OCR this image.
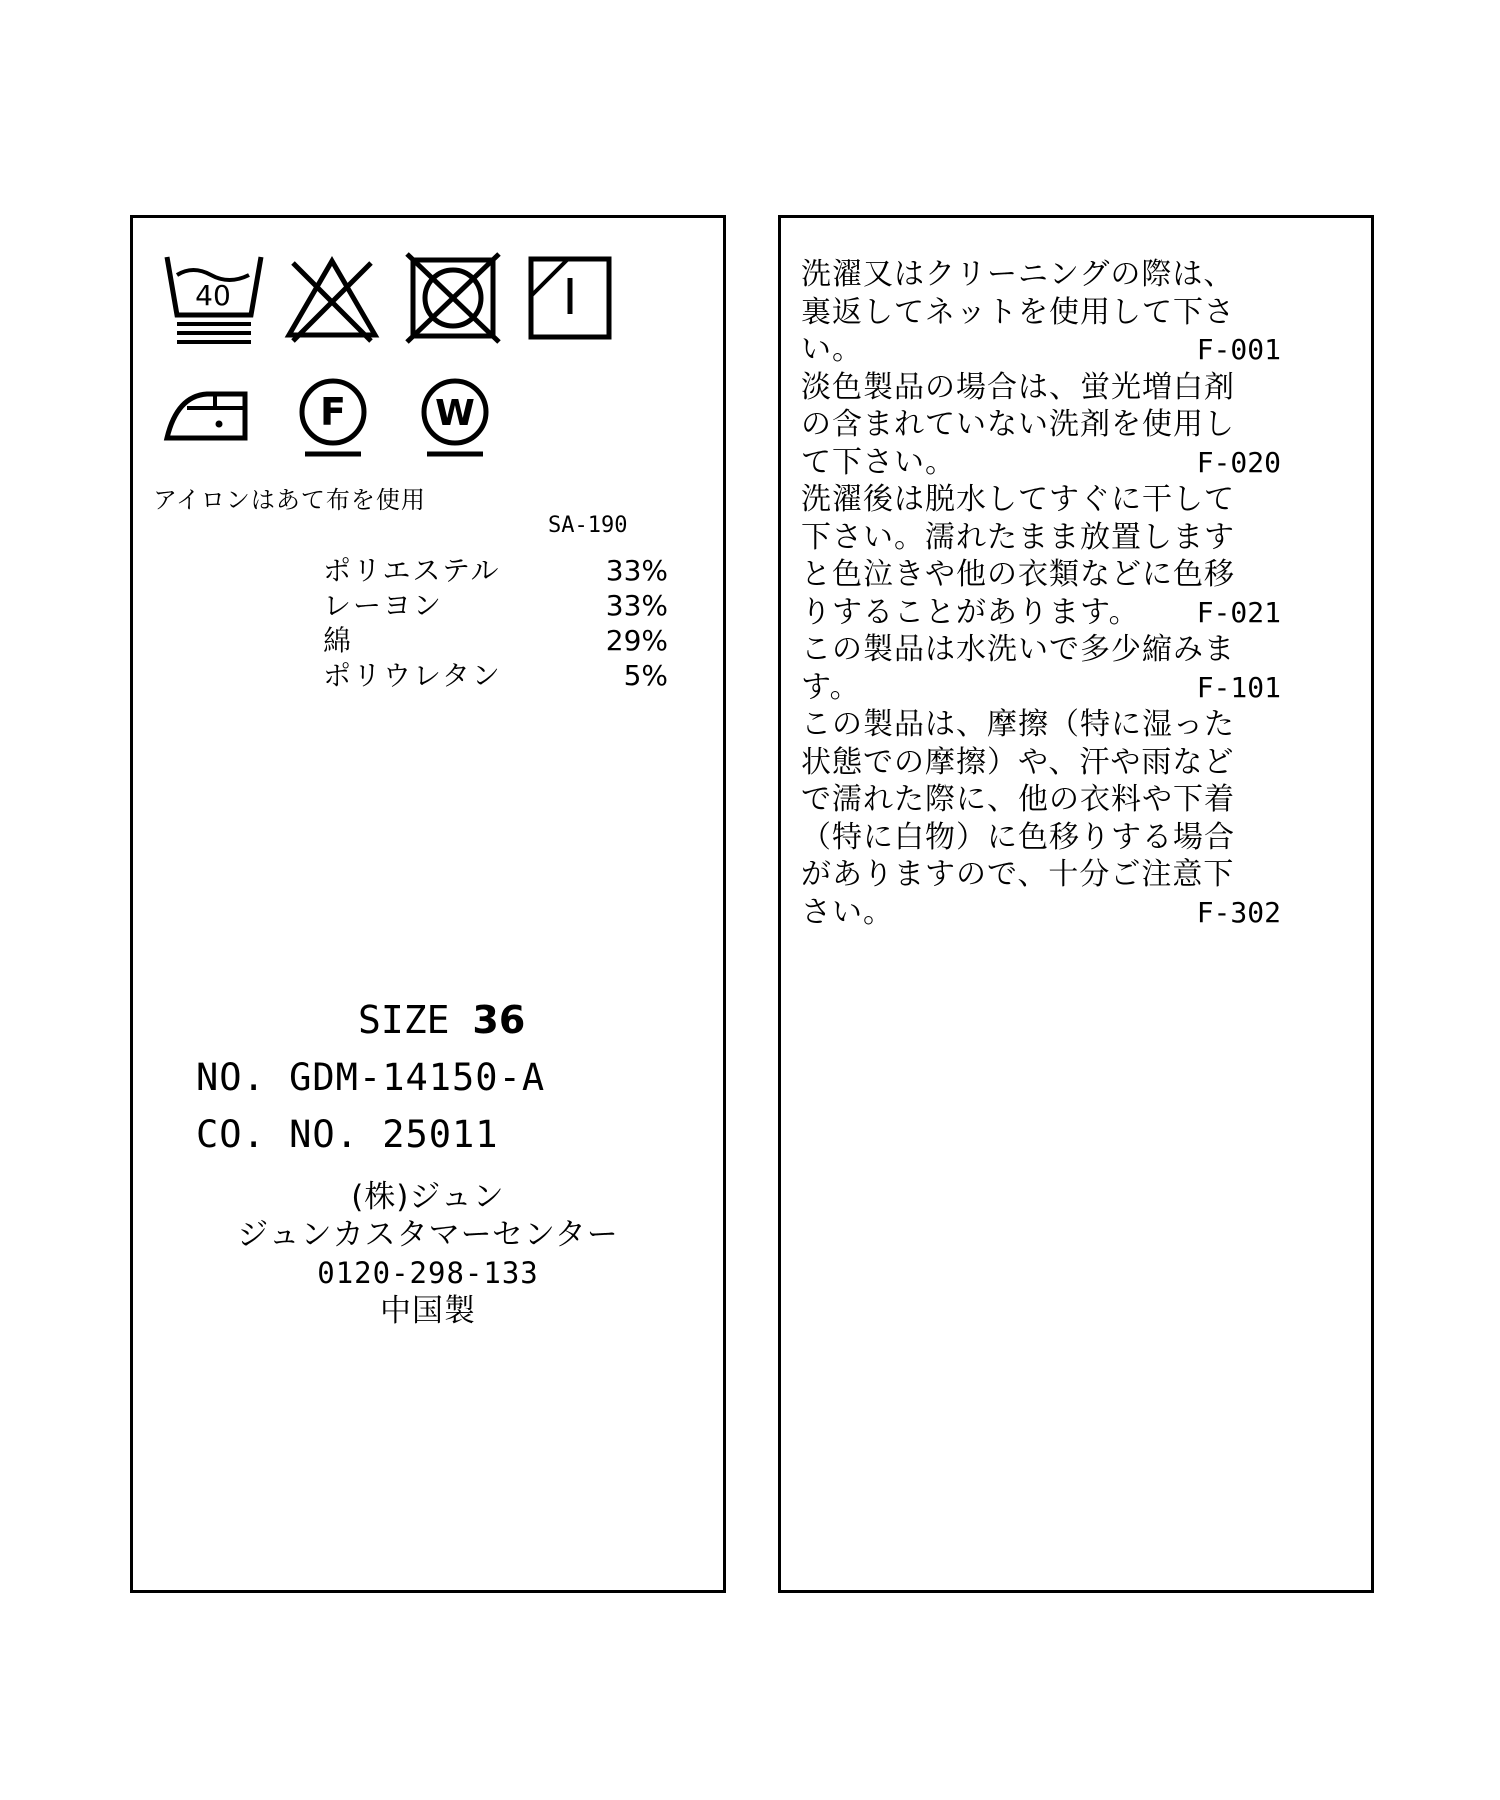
40
F W
アイロンはあて布を使用
SA-190
ポリエステル	33%
レーヨン	33%
綿	29%
ポリウレタン	5%
SIZE 36
NO. GDM-14150-A
CO. NO. 25011
(株)ジュン
ジュンカスタマーセンター
0120-298-133
中国製
洗濯又はクリーニングの際は、
裏返してネットを使用して下さ
い。	F-001
淡色製品の場合は、蛍光増白剤
の含まれていない洗剤を使用し
て下さい。	F-020
洗濯後は脱水してすぐに干して
下さい。濡れたまま放置します
と色泣きや他の衣類などに色移
りすることがあります。 F-021
この製品は水洗いで多少縮みま
す。	F-101
この製品は、摩擦（特に湿った
状態での摩擦）や、汗や雨など
で濡れた際に、他の衣料や下着
（特に白物）に色移りする場合
がありますので、十分ご注意下
さい。	F-302
